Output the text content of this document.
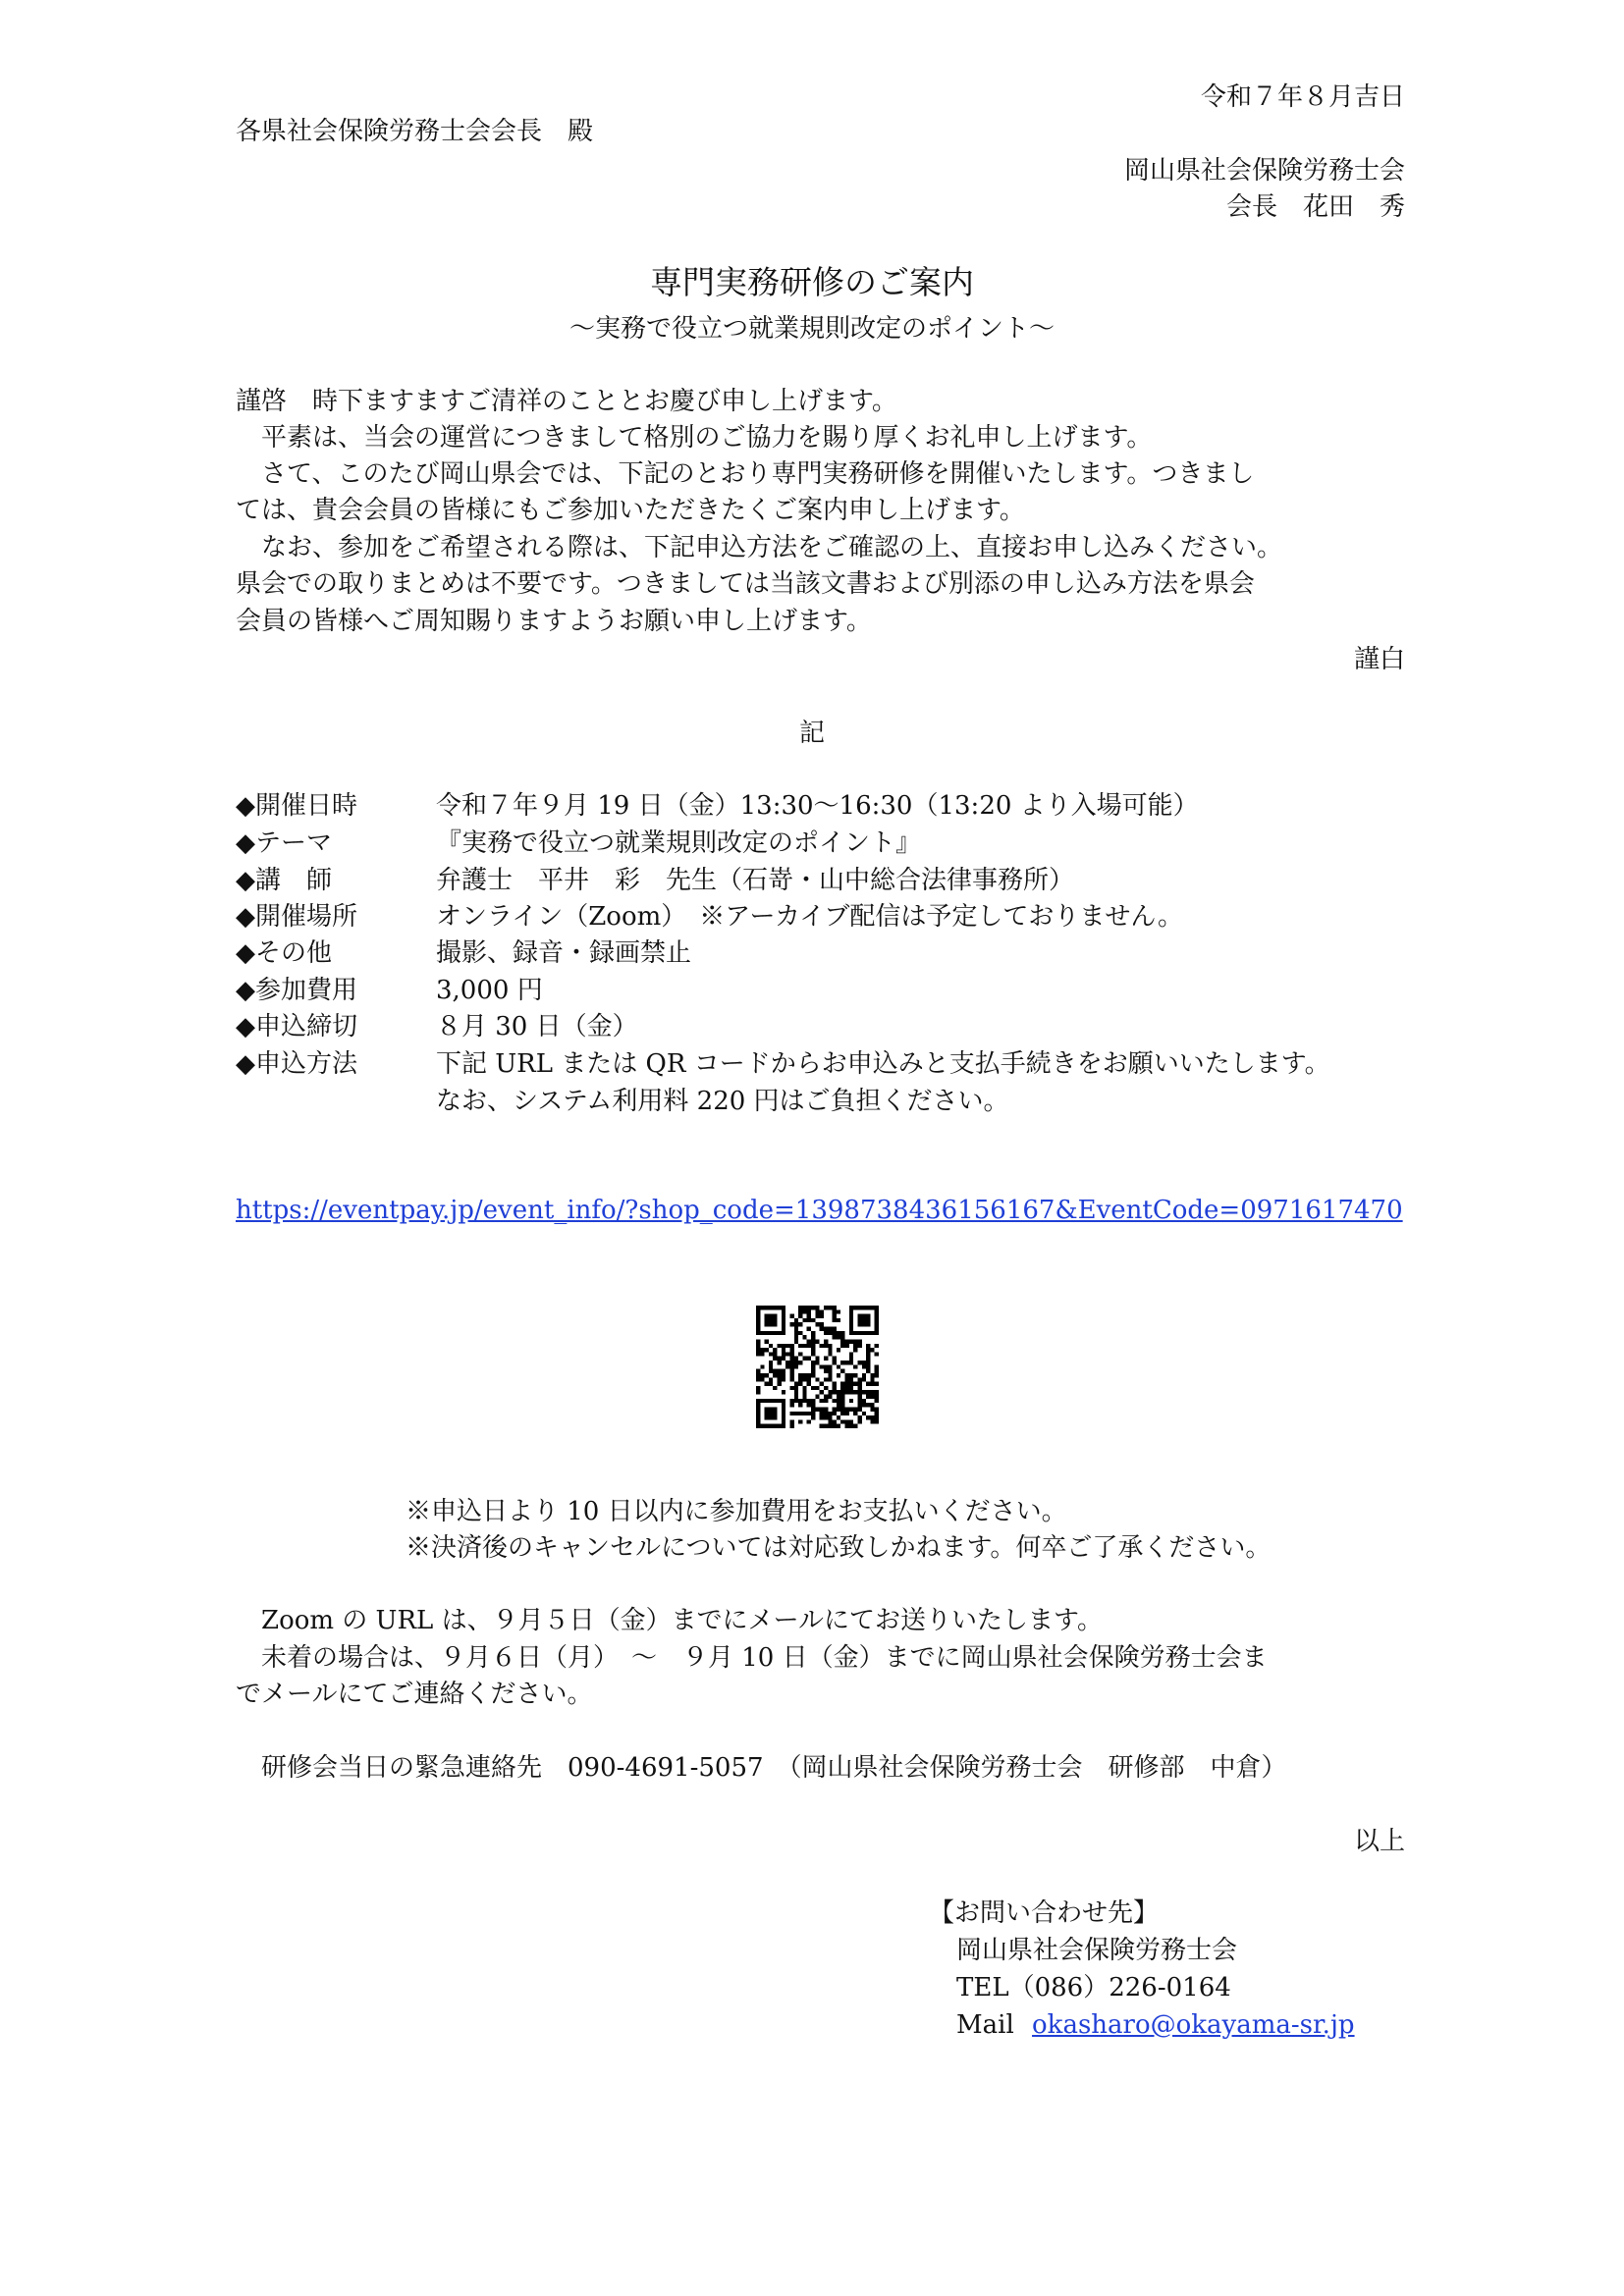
令和７年８月吉日
各県社会保険労務士会会長　殿
岡山県社会保険労務士会
会長　花田　秀
専門実務研修のご案内
～実務で役立つ就業規則改定のポイント～
謹啓　時下ますますご清祥のこととお慶び申し上げます。
　平素は、当会の運営につきまして格別のご協力を賜り厚くお礼申し上げます。
　さて、このたび岡山県会では、下記のとおり専門実務研修を開催いたします。つきまし
ては、貴会会員の皆様にもご参加いただきたくご案内申し上げます。
　なお、参加をご希望される際は、下記申込方法をご確認の上、直接お申し込みください。
県会での取りまとめは不要です。つきましては当該文書および別添の申し込み方法を県会
会員の皆様へご周知賜りますようお願い申し上げます。
謹白
記
◆開催日時	令和７年９月 19 日（金）13:30～16:30（13:20 より入場可能）
◆テーマ	『実務で役立つ就業規則改定のポイント』
◆講　師	弁護士　平井　彩　先生（石嵜・山中総合法律事務所）
◆開催場所	オンライン（Zoom）　※アーカイブ配信は予定しておりません。
◆その他	撮影、録音・録画禁止
◆参加費用	3,000 円
◆申込締切	８月 30 日（金）
◆申込方法	下記 URL または QR コードからお申込みと支払手続きをお願いいたします。
なお、システム利用料 220 円はご負担ください。
https://eventpay.jp/event_info/?shop_code=1398738436156167&EventCode=0971617470
※申込日より 10 日以内に参加費用をお支払いください。
※決済後のキャンセルについては対応致しかねます。何卒ご了承ください。
　Zoom の URL は、９月５日（金）までにメールにてお送りいたします。
　未着の場合は、９月６日（月）　～　９月 10 日（金）までに岡山県社会保険労務士会ま
でメールにてご連絡ください。
　研修会当日の緊急連絡先　090-4691-5057　（岡山県社会保険労務士会　研修部　中倉）
以上
【お問い合わせ先】
岡山県社会保険労務士会
TEL（086）226-0164
Mail okasharo@okayama-sr.jp
